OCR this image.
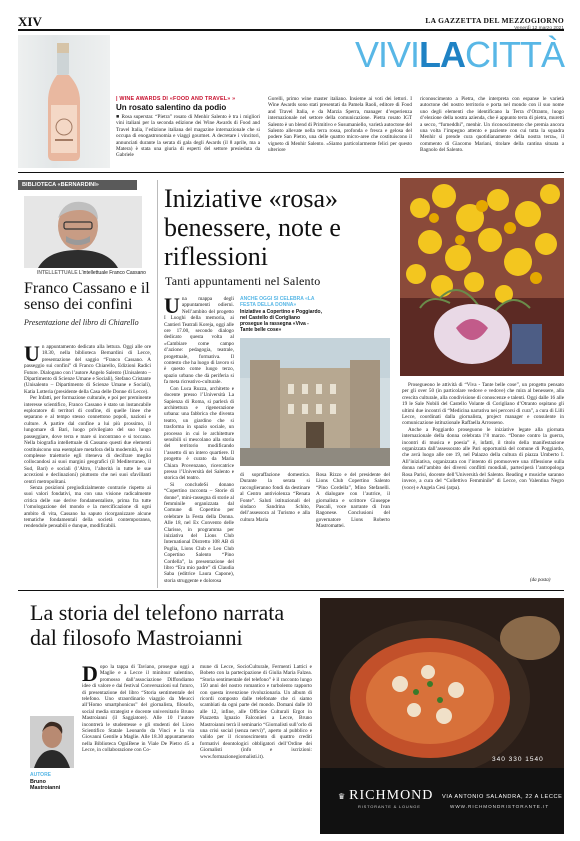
XIV	LA GAZZETTA DEL MEZZOGIORNO
VIVILACITTÀ
| WINE AWARDS DI «FOOD AND TRAVEL» »
Un rosato salentino da podio

■ Rosa superstar. “Pietra” rosato di Menhir Salento è tra i migliori vini italiani per la seconda edizione dei Wine Awards di Food and Travel Italia, l’edizione italiana del magazine internazionale che si occupa di enogastronomia e viaggi gourmet. A decretare i vincitori, annunciati durante la serata di gala degli Awards (il 8 aprile, ma a Matera) è stata una giuria di esperti del settore presieduta da Gabriele

Gorelli, primo wine master italiano. Insieme ai voti dei lettori. I Wine Awards sono stati presentati da Pamela Raoli, editore di Food and Travel Italia, e da Marzia Sperra, manager d’esperienza internazionale nel settore della comunicazione. Pietra rosato IGT Salento è un blend di Primitivo e Susumaniello, varietà autoctone del Salento allevate nella terra rossa, profonda e fresca e gelosa del podere San Pietro, una delle quattro micro-aree che costituiscono il vigneto di Menhir Salento. «Siamo particolarmente felici per questo ulteriore

riconoscimento a Pietra, che interpreta con espanse le varietà autoctone del nostro territorio e porta nel mondo con il suo nome uno degli elementi che identificano la Terra d’Otranto, luogo d’elezione della nostra azienda, che è appunto terra di pietra, muretti a secco, “furneddhi”, menhir. Un riconoscimento che premia ancora una volta l’impegno attento e paziente con cui tutta la squadra Menhir si prende cura quotidianamente della nostra terra», il commento di Giacomo Mariani, titolare della cantina situata a Bagnolo del Salento.

BIBLIOTECA «BERNARDINI»
INTELLETTUALE L’intellettuale Franco Cassano
Franco Cassano e il senso dei confini
Presentazione del libro di Chiarello
U n appuntamento dedicato alla lettura. Oggi alle ore 18.30, nella biblioteca Bernardini di Lecce, presentazione del saggio “Franco Cassano. A passeggio sui confini” di Franco Chiarello, Edizioni Radici Future. Dialogano con l’autore Angelo Salento (Unisalento – Dipartimento di Scienze Umane e Sociali), Stefano Cristante (Unisalento – Dipartimento di Scienze Umane e Sociali), Katia Lotteria (presidente della Casa delle Donne di Lecce).

Per Infatti, per formazione culturale, e poi per preminente interesse scientifico, Franco Cassano è stato un instancabile esploratore di territori di confine, di quelle linee che separano e al tempo stesso connettono popoli, nazioni e culture. A partire dal confine a lui più prossimo, il lungomare di Bari, luogo privilegiato del suo lungo passeggiare, dove terra e mare si incontrano e si toccano. Nella biografia intellettuale di Cassano questi due elementi costituiscono una esemplare metafora della modernità, le cui complesse traiettorie egli riteneva di decifrare meglio collocandosi ai suoi margini geografici (il Mediterraneo, il Sud, Bari) e sociali (l’Altro, l’alterità in tutte le sue accezioni e declinazioni) piuttosto che nei suoi sfavillanti centri metropolitani.

Senza posizioni pregiudizialmente contrarie rispetto ai suoi valori fondativi, ma con una visione radicalmente critica delle sue derive fondamentaliste, prima fra tutte l’omologazione del mondo e la mercificazione di ogni ambito di vita, Cassano ha saputo ricorganizzare alcune tematiche fondamentali della società contemporanea, rendendole pensabili e dunque, modificabili.

Iniziative «rosa» benessere, note e riflessioni
Tanti appuntamenti nel Salento
U na mappa degli appuntamenti odierni. Nell’ambito del progetto I Luoghi della memoria, ai Cantieri Teatrali Koreja, oggi alle ore 17.00, secondo dialogo dedicato questa volta al «Cambiare come campo d’azione: pedagogia, teatrale, progettuale, formativa. Il contesto che ha luogo di lavoro si è questo come luogo terzo, spazio urbano che dà periferia si fa meta ricreativo-culturale.

Con Luca Ruzza, architetto e docente presso l’Università La Sapienza di Roma, si parlerà di architettura e rigenerazione urbana: una fabbrica che diventa teatro, un giardino che si trasforma in spazio sociale, un processo in cui le architetture sensibili si mescolano alla storia del territorio modificando l’assetto di un intero quartiere. Il progetto è curato da Maria Chiara Provenzano, ricercatrice presso l’Università del Salento e storica del teatro.

Si concludeSi donano “Copertino racconta – Storie di donne”, mini-rassegna di storie al femminile organizzata dal Comune di Copertino per celebrare la Festa della Donna. Alle 18, nel Ex Convento delle Clarisse, in programma per iniziativa del Lions Club International Distretto 108 AB di Puglia, Lions Club e Leo Club Copertino Salento “Pino Cordella”, la presentazione del libro “Era mio padre” di Claudia Saba (editrice Laura Capone), storia struggente e dolorosa

ANCHE OGGI SI CELEBRA «LA FESTA DELLA DONNA»
Iniziative a Copertino e Poggiardo, nel Castello di Corigliano prosegue la rassegna «Viva - Tante belle cose»

di sopraffazione domestica. Durante la serata si raccoglieranno fondi da destinare al Centro antiviolenza “Renata Fonte”. Saluti istituzionali del sindaco Sandrina Schito, dell’assessora al Turismo e alla cultura Maria

Rosa Rizzo e del presidente del Lions Club Copertino Salento “Pino Cordella”, Mino Stefanelli. A dialogare con l’autrice, il giornalista e scrittore Giuseppe Pascali, voce narrante di Ivan Ragonese. Conclusioni del governatore Lions Roberto Mastromattei.

Prosegueono le attività di “Viva - Tante belle cose”, un progetto pensato per gli over 50 (in particolare vedove e vedove) che mira al benessere, alla crescita culturale, alla condivisione di conoscenze e talenti. Oggi dalle 16 alle 19 le Sale Nobili del Castello Volante di Corigliano d’Otranto ospitano gli ultimi due incontri di “Medicina narrativa nei percorsi di cura”, a cura di Lilli Lecce, coordinati dalla giornalista, project manager e consulente in comunicazione istituzionale Raffaella Arrosseno.

Anche a Poggiardo proseguono le iniziative legate alla giornata internazionale della donna celebrata l’8 marzo. “Donne contro la guerra, incontri di musica e poesia” è, infatti, il titolo della manifestazione organizzata dall’assessorato alle Pari opportunità del comune di Poggiardo, che avrà luogo alle ore 19, nel Palazzo della cultura di piazza Umberto I. All’iniziativa, organizzata con l’intento di promuovere una riflessione sulla donna nell’ambito dei diversi conflitti mondiali, parteciperà l’antropologa Rosa Parisi, docente dell’Università del Salento. Reading e musiche saranno invece, a cura del “Collettivo Femminile” di Lecce, con Valentina Negro (voce) e Angela Cesi (arpa).

(da pasta)
La storia del telefono narrata dal filosofo Mastroianni
AUTORE
Bruno Mastroianni
D opo la tappa di Taviano, prosegue oggi a Maglie e a Lecce il minitour salentino, promosso dall’associazione Diffondiamo idee di valore e dai festival Conversazioni sul futuro, di presentazione del libro “Storia sentimentale del telefono. Uno straordinario viaggio da Meucci all’Homo smartphonicus” del giornalista, filosofo, social media strategist e docente universitario Bruno Mastroianni (il Saggiatore). Alle 10 l’autore incontrerà le studentesse e gli studenti del Liceo Scientifico Statale Leonardo da Vinci e la via Giovanni Gentile a Maglie. Alle 18.30 appuntamento nella Biblioteca OgniBene in Viale De Pietro 45 a Lecce, in collaborazione con Co-

mune di Lecce, SocioCulturale, Fermenti Lattici e Bobeto con la partecipazione di Giulia Maria Falzea. “Storia sentimentale del telefono” è il racconto lungo 150 anni del nostro romantico e turbolento rapporto con questa invenzione rivoluzionaria. Un album di ricordi composto dalle telefonate che ci siamo scambiati da ogni parte del mondo. Domani dalle 10 alle 12, infine, alle Officine Culturali Ergot in Piazzetta Ignazio Falconieri a Lecce, Bruno Mastroianni terrà il seminario “Giornalisti sull’orlo di una crisi social (senza nervi)”, aperto al pubblico e valido per il riconoscimento di quattro crediti formativi deontologici obbligatori dell’Ordine dei Giornalisti (info e iscrizioni: www.formazionegiornalisti.it).	340 330 1540
♛ RICHMOND
RISTORANTE & LOUNGE
VIA ANTONIO SALANDRA, 22 A LECCE
WWW.RICHMONDRISTORANTE.IT
